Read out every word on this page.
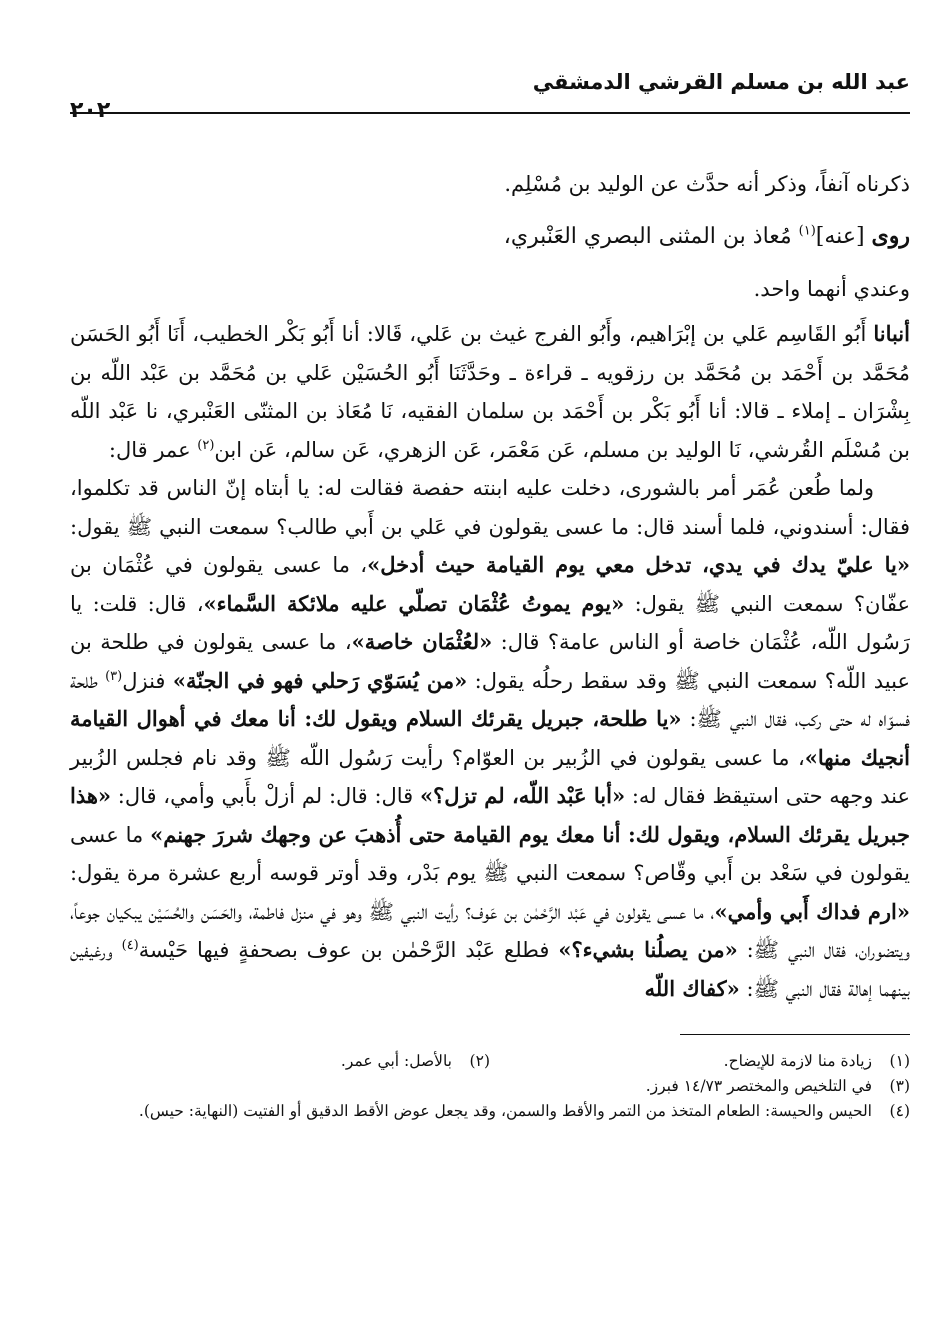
عبد الله بن مسلم القرشي الدمشقي
٢٠٢

ذكرناه آنفاً، وذكر أنه حدَّث عن الوليد بن مُسْلِم.

روى [عنه]$^{(١)}$ مُعاذ بن المثنى البصري العَنْبري،

وعندي أنهما واحد.

أنبانا أَبُو القَاسِم عَلي بن إبْرَاهيم، وأَبُو الفرج غيث بن عَلي، قَالا: أنا أَبُو بَكْر الخطيب، أَنَا أَبُو الحَسَن مُحَمَّد بن أَحْمَد بن مُحَمَّد بن رزقويه ـ قراءة ـ وحَدَّثَنَا أَبُو الحُسَيْن عَلي بن مُحَمَّد بن عَبْد اللّه بن بِشْرَان ـ إملاء ـ قالا: أنا أَبُو بَكْر بن أَحْمَد بن سلمان الفقيه، نَا مُعَاذ بن المثنّى العَنْبري، نا عَبْد اللّه بن مُسْلَم القُرشي، نَا الوليد بن مسلم، عَن مَعْمَر، عَن الزهري، عَن سالم، عَن ابن$^{(٢)}$ عمر قال:

ولما طُعن عُمَر أمر بالشورى، دخلت عليه ابنته حفصة فقالت له: يا أبتاه إنّ الناس قد تكلموا، فقال: أسندوني، فلما أسند قال: ما عسى يقولون في عَلي بن أَبي طالب؟ سمعت النبي ﷺ يقول: «يا عليّ يدك في يدي، تدخل معي يوم القيامة حيث أدخل»، ما عسى يقولون في عُثْمَان بن عفّان؟ سمعت النبي ﷺ يقول: «يوم يموتُ عُثْمَان تصلّي عليه ملائكة السَّماء»، قال: قلت: يا رَسُول اللّه، عُثْمَان خاصة أو الناس عامة؟ قال: «لعُثْمَان خاصة»، ما عسى يقولون في طلحة بن عبيد اللّه؟ سمعت النبي ﷺ وقد سقط رحلُه يقول: «من يُسَوّي رَحلي فهو في الجنّة» فنزل$^{(٣)}$ طلحة فسوّاه له حتى ركب، فقال النبي ﷺ: «يا طلحة، جبريل يقرئك السلام ويقول لك: أنا معك في أهوال القيامة أنجيك منها»، ما عسى يقولون في الزُبير بن العوّام؟ رأيت رَسُول اللّه ﷺ وقد نام فجلس الزُبير عند وجهه حتى استيقظ فقال له: «أبا عَبْد اللّه، لم تزل؟» قال: قال: لم أزلْ بأَبي وأمي، قال: «هذا جبريل يقرئك السلام، ويقول لك: أنا معك يوم القيامة حتى أُذهبَ عن وجهك شررَ جهنم» ما عسى يقولون في سَعْد بن أَبي وقّاص؟ سمعت النبي ﷺ يوم بَدْر، وقد أوتر قوسه أربع عشرة مرة يقول: «ارم فداك أَبي وأمي»، ما عسى يقولون في عَبْد الرَّحْمٰن بن عَوف؟ رأيت النبي ﷺ وهو في منزل فاطمة، والحَسَن والحُسَيْن يبكيان جوعاً، ويتضوران، فقال النبي ﷺ: «من يصلُنا بشيء؟» فطلع عَبْد الرَّحْمٰن بن عوف بصحفةٍ فيها حَيْسة$^{(٤)}$ ورغيفين بينهما إهالة فقال النبي ﷺ: «كفاك اللّه

(١)زيادة منا لازمة للإيضاح.
(٢)بالأصل: أبي عمر.
(٣)في التلخيص والمختصر ١٤/٧٣ فبرز.
(٤)الحيس والحيسة: الطعام المتخذ من التمر والأقط والسمن، وقد يجعل عوض الأقط الدقيق أو الفتيت (النهاية: حيس).
